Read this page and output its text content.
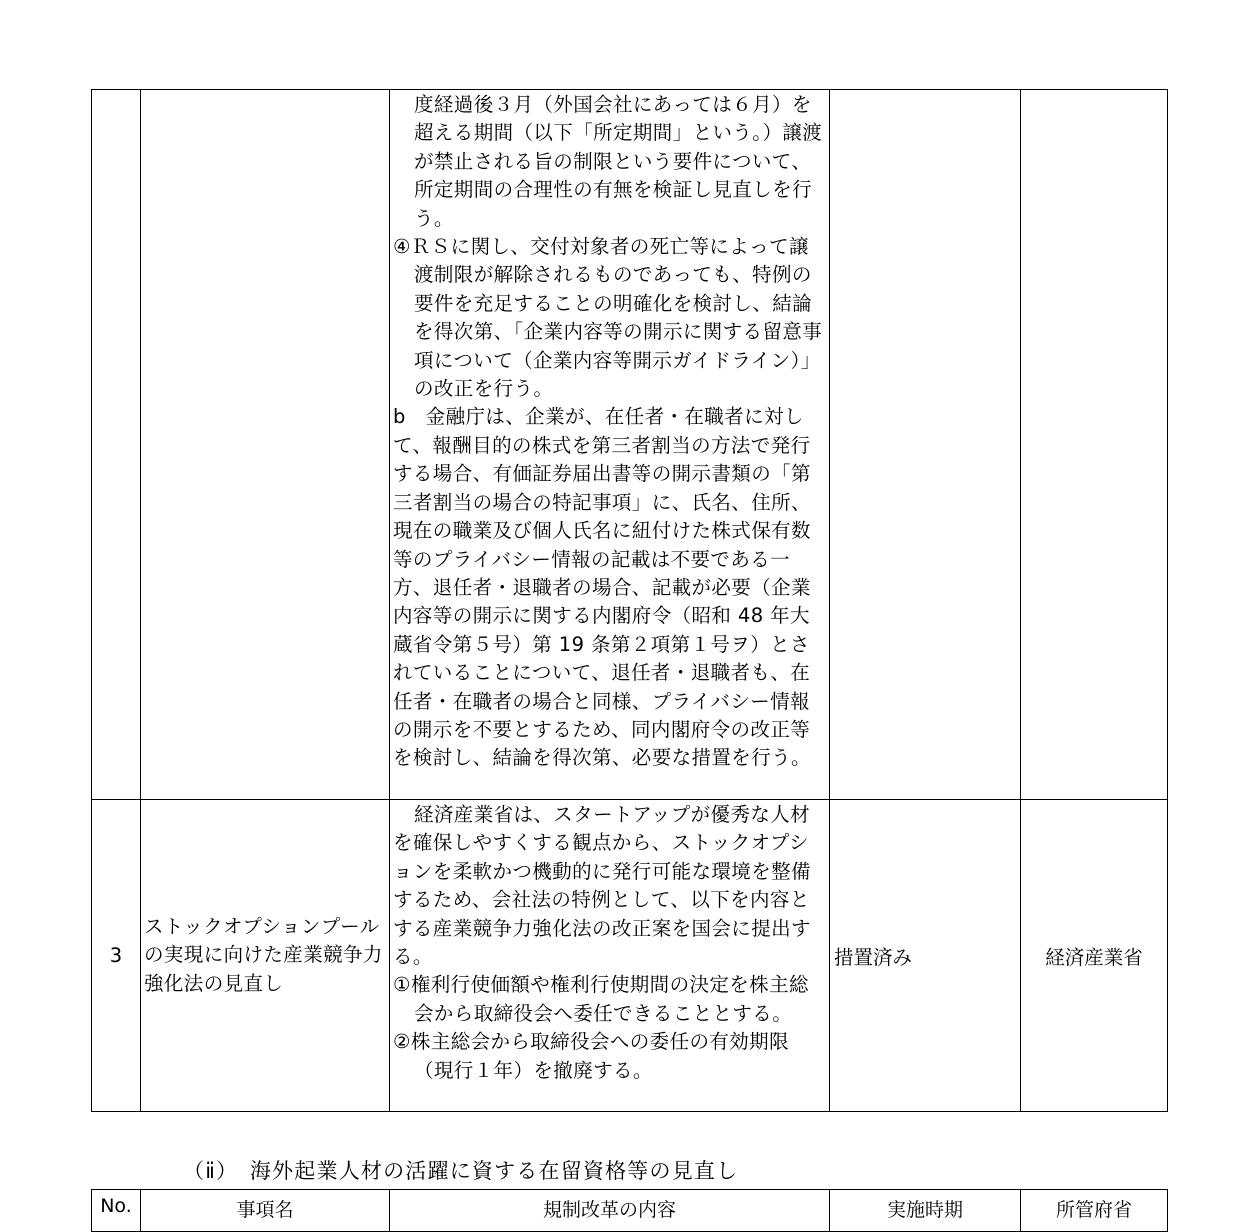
		度経過後３月（外国会社にあっては６月）を超える期間（以下「所定期間」という。）譲渡が禁止される旨の制限という要件について、所定期間の合理性の有無を検証し見直しを行う。

④ＲＳに関し、交付対象者の死亡等によって譲渡制限が解除されるものであっても、特例の要件を充足することの明確化を検討し、結論を得次第、「企業内容等の開示に関する留意事項について（企業内容等開示ガイドライン）」の改正を行う。

b　金融庁は、企業が、在任者・在職者に対して、報酬目的の株式を第三者割当の方法で発行する場合、有価証券届出書等の開示書類の「第三者割当の場合の特記事項」に、氏名、住所、現在の職業及び個人氏名に紐付けた株式保有数等のプライバシー情報の記載は不要である一方、退任者・退職者の場合、記載が必要（企業内容等の開示に関する内閣府令（昭和 48 年大蔵省令第５号）第 19 条第２項第１号ヲ）とされていることについて、退任者・退職者も、在任者・在職者の場合と同様、プライバシー情報の開示を不要とするため、同内閣府令の改正等を検討し、結論を得次第、必要な措置を行う。		

3	ストックオプションプールの実現に向けた産業競争力強化法の見直し	経済産業省は、スタートアップが優秀な人材を確保しやすくする観点から、ストックオプションを柔軟かつ機動的に発行可能な環境を整備するため、会社法の特例として、以下を内容とする産業競争力強化法の改正案を国会に提出する。

①権利行使価額や権利行使期間の決定を株主総会から取締役会へ委任できることとする。

②株主総会から取締役会への委任の有効期限（現行１年）を撤廃する。	措置済み	経済産業省
（ⅱ）　海外起業人材の活躍に資する在留資格等の見直し
No.	事項名	規制改革の内容	実施時期	所管府省
